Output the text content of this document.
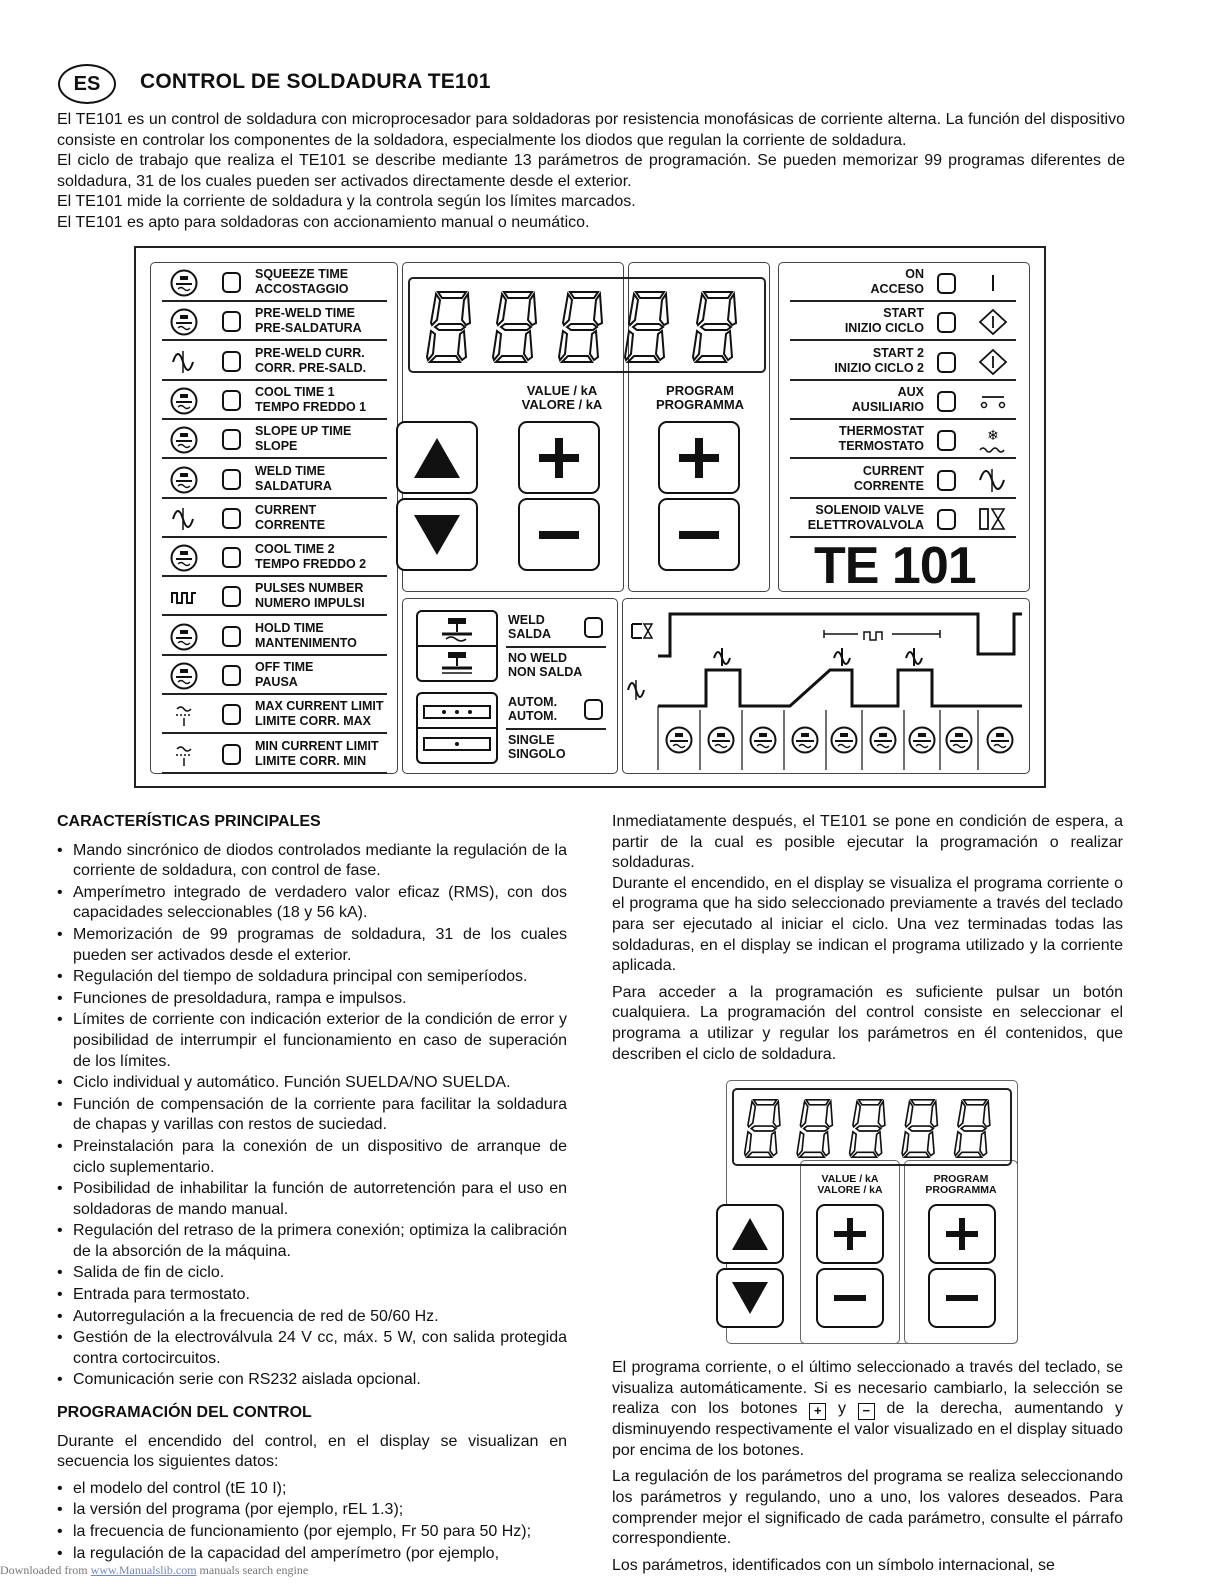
ES	CONTROL DE SOLDADURA TE101

El TE101 es un control de soldadura con microprocesador para soldadoras por resistencia monofásicas de corriente alterna. La función del dispositivo consiste en controlar los componentes de la soldadora, especialmente los diodos que regulan la corriente de soldadura.

El ciclo de trabajo que realiza el TE101 se describe mediante 13 parámetros de programación. Se pueden memorizar 99 programas diferentes de soldadura, 31 de los cuales pueden ser activados directamente desde el exterior.

El TE101 mide la corriente de soldadura y la controla según los límites marcados.

El TE101 es apto para soldadoras con accionamiento manual o neumático.

SQUEEZE TIME
ACCOSTAGGIO
PRE-WELD TIME
PRE-SALDATURA
PRE-WELD CURR.
CORR. PRE-SALD.
COOL TIME 1
TEMPO FREDDO 1
SLOPE UP TIME
SLOPE
WELD TIME
SALDATURA
CURRENT
CORRENTE
COOL TIME 2
TEMPO FREDDO 2
PULSES NUMBER
NUMERO IMPULSI
HOLD TIME
MANTENIMENTO
OFF TIME
PAUSA
MAX CURRENT LIMIT
LIMITE CORR. MAX
MIN CURRENT LIMIT
LIMITE CORR. MIN
VALUE / kA
VALORE / kA
PROGRAM
PROGRAMMA
ON
ACCESO
START
INIZIO CICLO
START 2
INIZIO CICLO 2
AUX
AUSILIARIO
THERMOSTAT
TERMOSTATO
❄
CURRENT
CORRENTE
SOLENOID VALVE
ELETTROVALVOLA
TE 101
WELD
SALDA
NO WELD
NON SALDA
AUTOM.
AUTOM.
SINGLE
SINGOLO
CARACTERÍSTICAS PRINCIPALES
• Mando sincrónico de diodos controlados mediante la regulación de la corriente de soldadura, con control de fase.
• Amperímetro integrado de verdadero valor eficaz (RMS), con dos capacidades seleccionables (18 y 56 kA).
• Memorización de 99 programas de soldadura, 31 de los cuales pueden ser activados desde el exterior.
• Regulación del tiempo de soldadura principal con semiperíodos.
• Funciones de presoldadura, rampa e impulsos.
• Límites de corriente con indicación exterior de la condición de error y posibilidad de interrumpir el funcionamiento en caso de superación de los límites.
• Ciclo individual y automático. Función SUELDA/NO SUELDA.
• Función de compensación de la corriente para facilitar la soldadura de chapas y varillas con restos de suciedad.
• Preinstalación para la conexión de un dispositivo de arranque de ciclo suplementario.
• Posibilidad de inhabilitar la función de autorretención para el uso en soldadoras de mando manual.
• Regulación del retraso de la primera conexión; optimiza la calibración de la absorción de la máquina.
• Salida de fin de ciclo.
• Entrada para termostato.
• Autorregulación a la frecuencia de red de 50/60 Hz.
• Gestión de la electroválvula 24 V cc, máx. 5 W, con salida protegida contra cortocircuitos.
• Comunicación serie con RS232 aislada opcional.
PROGRAMACIÓN DEL CONTROL

Durante el encendido del control, en el display se visualizan en secuencia los siguientes datos:

• el modelo del control (tE 10 I);
• la versión del programa (por ejemplo, rEL 1.3);
• la frecuencia de funcionamiento (por ejemplo, Fr 50 para 50 Hz);
• la regulación de la capacidad del amperímetro (por ejemplo,

Inmediatamente después, el TE101 se pone en condición de espera, a partir de la cual es posible ejecutar la programación o realizar soldaduras.

Durante el encendido, en el display se visualiza el programa corriente o el programa que ha sido seleccionado previamente a través del teclado para ser ejecutado al iniciar el ciclo. Una vez terminadas todas las soldaduras, en el display se indican el programa utilizado y la corriente aplicada.

Para acceder a la programación es suficiente pulsar un botón cualquiera. La programación del control consiste en seleccionar el programa a utilizar y regular los parámetros en él contenidos, que describen el ciclo de soldadura.

VALUE / kA
VALORE / kA
PROGRAM
PROGRAMMA

El programa corriente, o el último seleccionado a través del teclado, se visualiza automáticamente. Si es necesario cambiarlo, la selección se realiza con los botones + y − de la derecha, aumentando y disminuyendo respectivamente el valor visualizado en el display situado por encima de los botones.

La regulación de los parámetros del programa se realiza seleccionando los parámetros y regulando, uno a uno, los valores deseados. Para comprender mejor el significado de cada parámetro, consulte el párrafo correspondiente.

Los parámetros, identificados con un símbolo internacional, se

Downloaded from www.Manualslib.com manuals search engine
